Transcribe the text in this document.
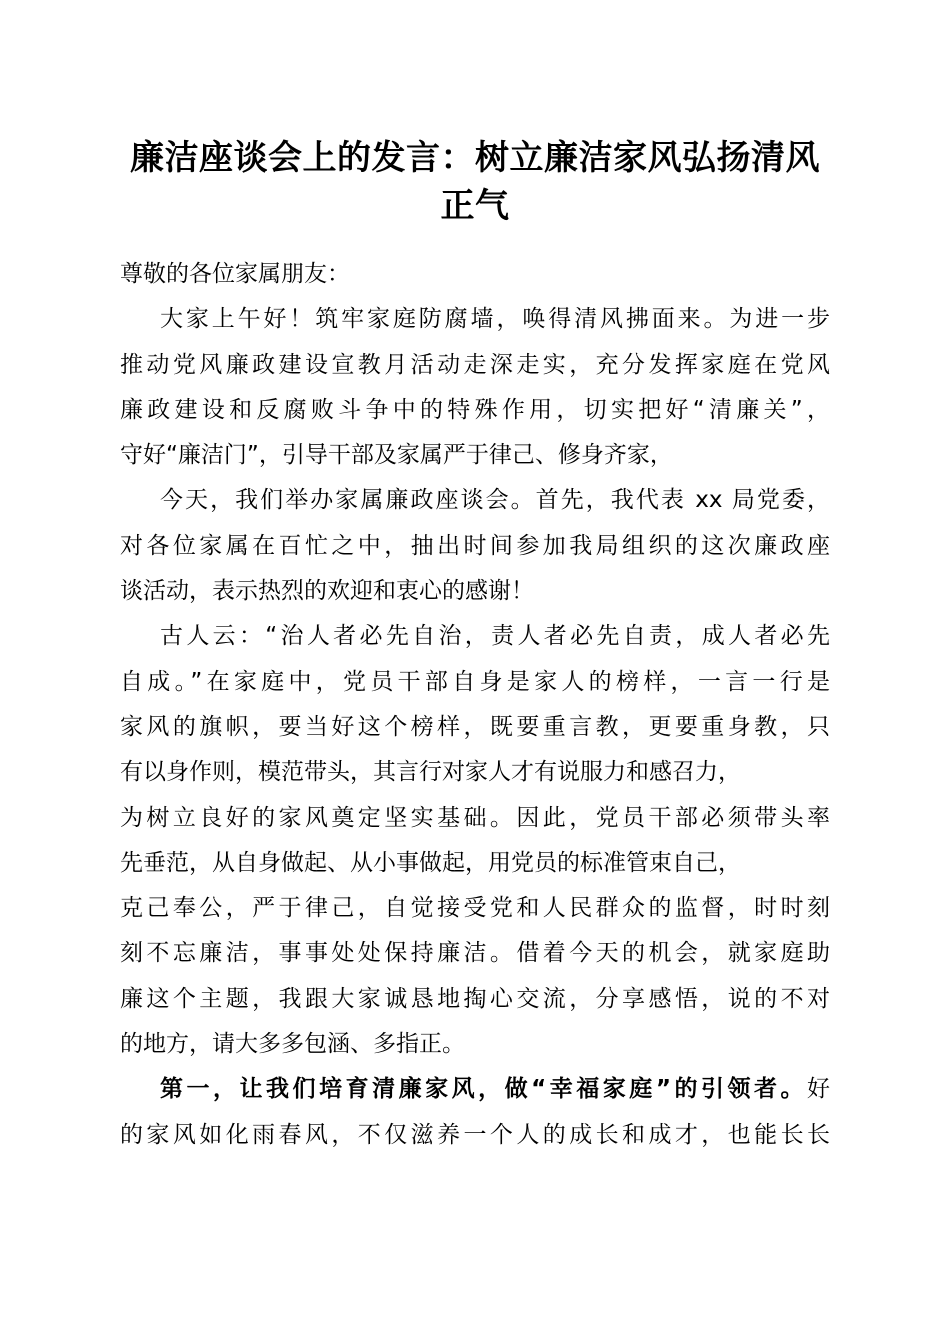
廉洁座谈会上的发言：树立廉洁家风弘扬清风
正气
尊敬的各位家属朋友：
大家上午好！筑牢家庭防腐墙，唤得清风拂面来。为进一步
推动党风廉政建设宣教月活动走深走实，充分发挥家庭在党风
廉政建设和反腐败斗争中的特殊作用，切实把好“清廉关”，
守好“廉洁门”，引导干部及家属严于律己、修身齐家，
今天，我们举办家属廉政座谈会。首先，我代表 xx 局党委，
对各位家属在百忙之中，抽出时间参加我局组织的这次廉政座
谈活动，表示热烈的欢迎和衷心的感谢！
古人云：“治人者必先自治，责人者必先自责，成人者必先
自成。”在家庭中，党员干部自身是家人的榜样，一言一行是
家风的旗帜，要当好这个榜样，既要重言教，更要重身教，只
有以身作则，模范带头，其言行对家人才有说服力和感召力，
为树立良好的家风奠定坚实基础。因此，党员干部必须带头率
先垂范，从自身做起、从小事做起，用党员的标准管束自己，
克己奉公，严于律己，自觉接受党和人民群众的监督，时时刻
刻不忘廉洁，事事处处保持廉洁。借着今天的机会，就家庭助
廉这个主题，我跟大家诚恳地掏心交流，分享感悟，说的不对
的地方，请大多多包涵、多指正。
第一，让我们培育清廉家风，做“幸福家庭”的引领者。好
的家风如化雨春风，不仅滋养一个人的成长和成才，也能长长
